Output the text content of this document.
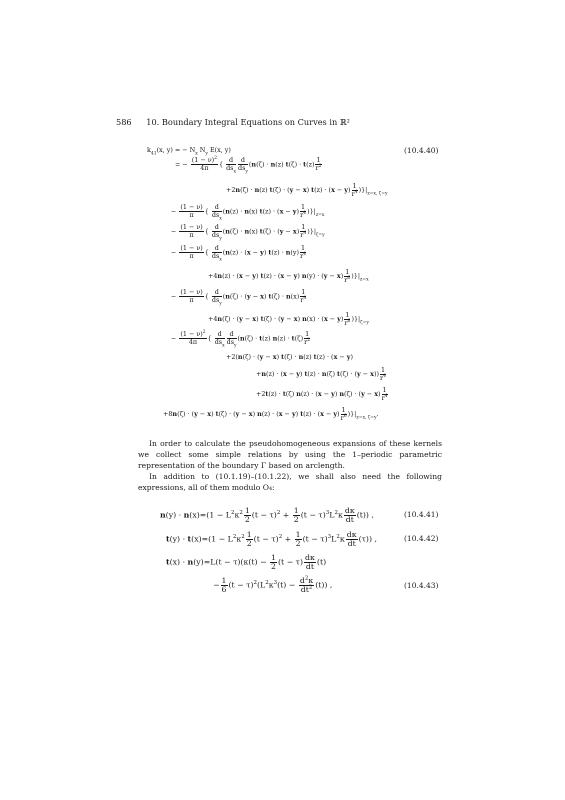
586 10. Boundary Integral Equations on Curves in ℝ²
$k_{41}(x$, y) = − $N_x$ $N_y$ E(x, y)	(10.4.40)
= − $\frac{(1 - \nu)^2}{4\pi}$ { $\frac{d}{ds_x} \frac{d}{ds_y} (n(\zeta) \cdot n(z) t(\zeta) \cdot t(z) \frac{1}{r^2}$
+2n(ζ) · n(z) t(ζ) · (y − x) $t(z) \cdot (x - y) \frac{1}{r^4} )\}|_{z=x, \zeta=y}$
− $\frac{(1 - \nu)}{\pi}$ { $\frac{d}{ds_x} (n(z) \cdot n(x) t(z) \cdot (x - y) \frac{1}{r^4} )\}|_{z=x}$
− $\frac{(1 - \nu)}{\pi}$ { $\frac{d}{ds_y} (n(\zeta) \cdot n(x) t(\zeta) \cdot (y - x) \frac{1}{r^4} )\}|_{\zeta=y}$
− $\frac{(1 - \nu)}{\pi}$ { $\frac{d}{ds_x} (n(z) \cdot (x - y) t(z) \cdot n(y) \frac{1}{r^4}$
+4n(z) · (x − y) t(z) · (x − y) $n(y) \cdot (y - x) \frac{1}{r^6} )\}|_{z=x}$
− $\frac{(1 - \nu)}{\pi}$ { $\frac{d}{ds_y} (n(\zeta) \cdot (y - x) t(\zeta) \cdot n(x) \frac{1}{r^4}$
+4n(ζ) · (y − x) t(ζ) · (y − x) $n(x) \cdot (x - y) \frac{1}{r^6} )\}|_{\zeta=y}$
− $\frac{(1 - \nu)^2}{4\pi}$ { $\frac{d}{ds_x} \frac{d}{ds_y} (n(\zeta) \cdot t(z) n(z) \cdot t(\zeta) \frac{1}{r^2}$
+2(n(ζ) · (y − x) t(ζ) · n(z) t(z) · (x − y)
+n(z) · (x − y) t(z) · n(ζ) $t(\zeta) \cdot (y - x)) \frac{1}{r^4}$
+2t(z) · t(ζ) n(z) · (x − y) $n(\zeta) \cdot (y - x) \frac{1}{r^4}$
+8n(ζ) · (y − x) t(ζ) · (y − x) n(z) · (x − y) $t(z) \cdot (x - y) \frac{1}{r^6} )\}|_{z=x, \zeta=y}$.

In order to calculate the pseudohomogeneous expansions of these kernels we collect some simple relations by using the 1–periodic parametric representation of the boundary Γ based on arclength.

In addition to (10.1.19)–(10.1.22), we shall also need the following expressions, all of them modulo O₄:

$n(y) \cdot n(x)=(1 - L^2\kappa^2 \frac{1}{2} (t - \tau)^2 + \frac{1}{2} (t - \tau)^3L^2\kappa \frac{d\kappa}{dt} (t))$ ,	(10.4.41)
$t(y) \cdot t(x)=(1 - L^2\kappa^2 \frac{1}{2} (t - \tau)^2 + \frac{1}{2} (t - \tau)^3L^2\kappa \frac{d\kappa}{dt} (\tau))$ ,	(10.4.42)
$t(x) \cdot n(y)=L(t - \tau)(\kappa(t) - \frac{1}{2} (t - \tau) \frac{d\kappa}{dt} (t)$
− $\frac{1}{6} (t - \tau)^2(L^2\kappa^3(t) - \frac{d^2\kappa}{dt^2} (t))$ ,	(10.4.43)
